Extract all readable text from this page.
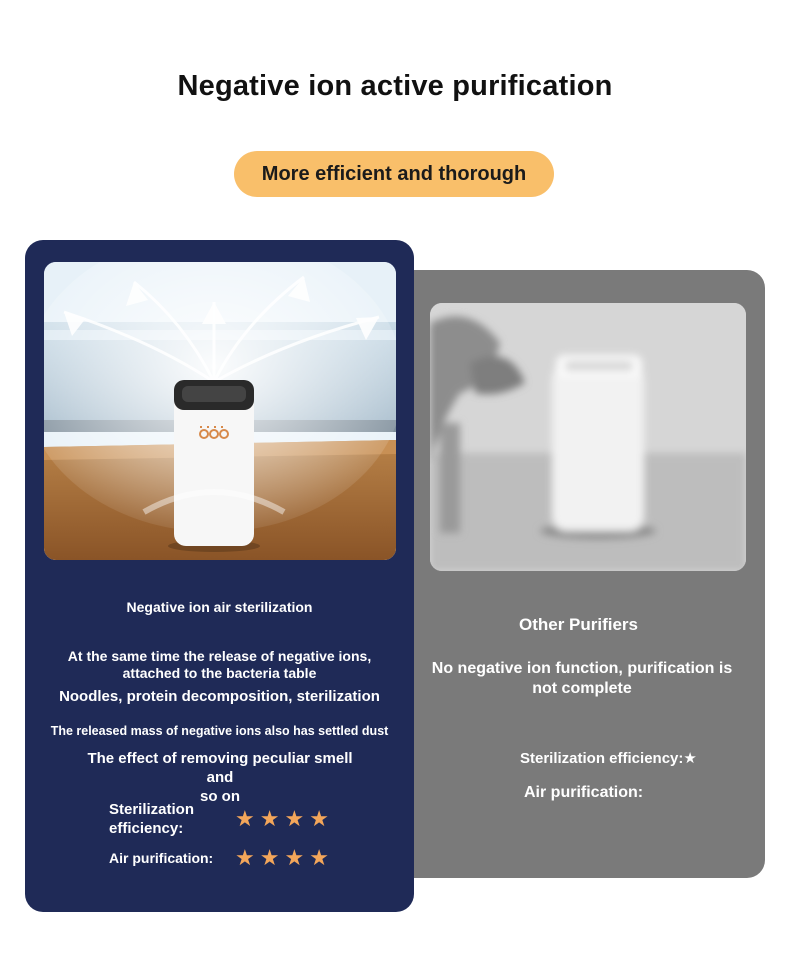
Negative ion active purification
More efficient and thorough
Other Purifiers
No negative ion function, purification is
not complete
Sterilization efficiency:★
Air purification:
Negative ion air sterilization
At the same time the release of negative ions,
attached to the bacteria table
Noodles, protein decomposition, sterilization
The released mass of negative ions also has settled dust
The effect of removing peculiar smell and
so on
Sterilization
efficiency:	★ ★ ★ ★
Air purification: ★ ★ ★ ★
